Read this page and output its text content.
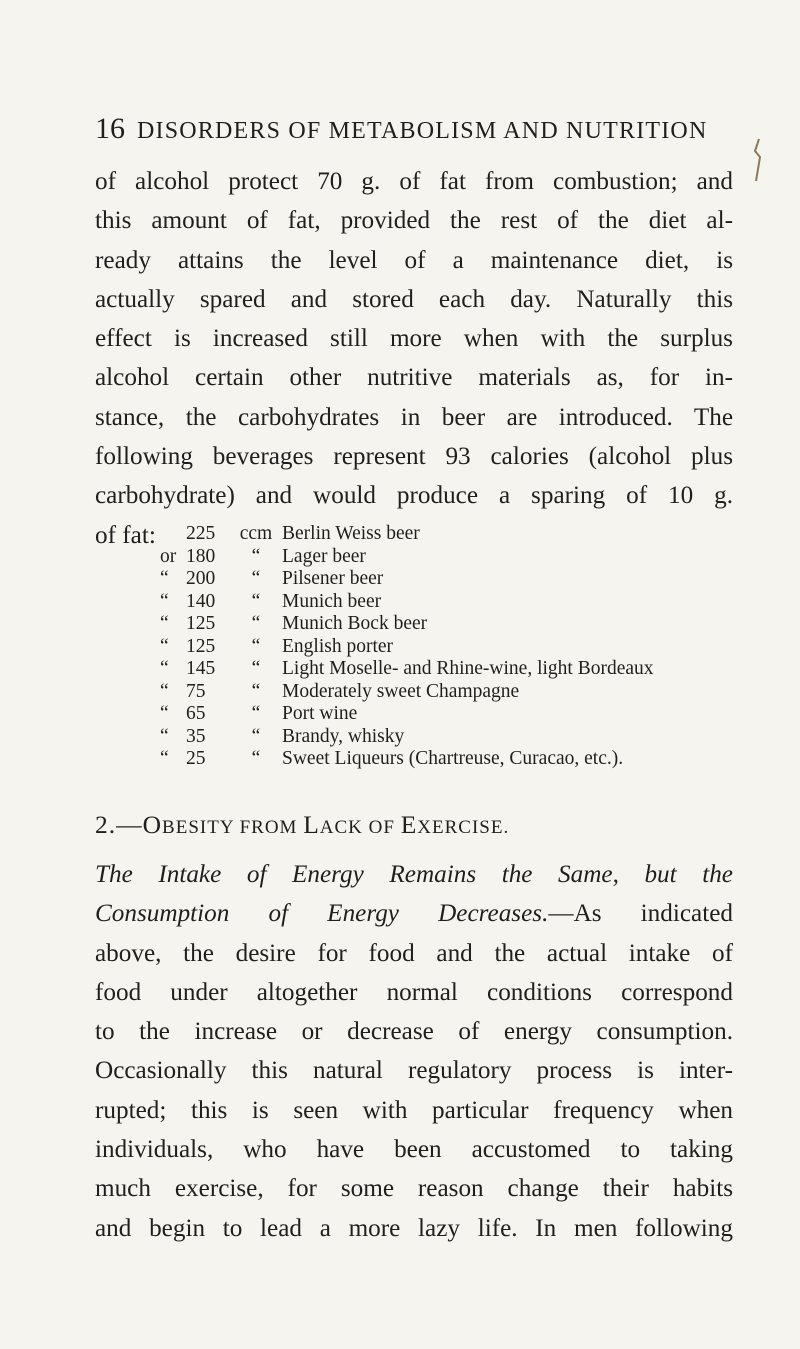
16 DISORDERS OF METABOLISM AND NUTRITION
of alcohol protect 70 g. of fat from combustion; and
this amount of fat, provided the rest of the diet al-
ready attains the level of a maintenance diet, is
actually spared and stored each day. Naturally this
effect is increased still more when with the surplus
alcohol certain other nutritive materials as, for in-
stance, the carbohydrates in beer are introduced. The
following beverages represent 93 calories (alcohol plus
carbohydrate) and would produce a sparing of 10 g.
of fat:	225 ccm Berlin Weiss beer
or 180 “ Lager beer
“ 200 “ Pilsener beer
“ 140 “ Munich beer
“ 125 “ Munich Bock beer
“ 125 “ English porter
“ 145 “ Light Moselle- and Rhine-wine, light Bordeaux
“ 75 “ Moderately sweet Champagne
“ 65 “ Port wine
“ 35 “ Brandy, whisky
“ 25 “ Sweet Liqueurs (Chartreuse, Curacao, etc.).
2.—OBESITY FROM LACK OF EXERCISE.
The Intake of Energy Remains the Same, but the
Consumption of Energy Decreases.—As indicated
above, the desire for food and the actual intake of
food under altogether normal conditions correspond
to the increase or decrease of energy consumption.
Occasionally this natural regulatory process is inter-
rupted; this is seen with particular frequency when
individuals, who have been accustomed to taking
much exercise, for some reason change their habits
and begin to lead a more lazy life. In men following
